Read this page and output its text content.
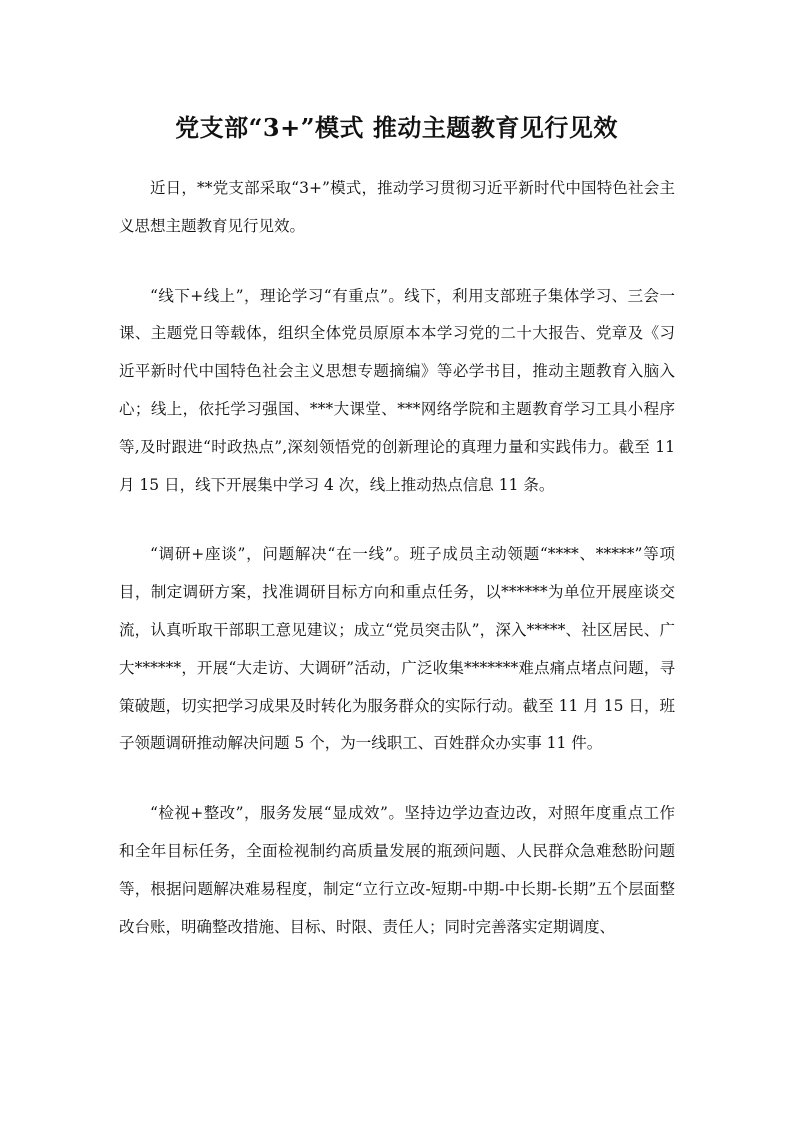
党支部“3+”模式 推动主题教育见行见效

近日，**党支部采取“3+”模式，推动学习贯彻习近平新时代中国特色社会主义思想主题教育见行见效。

“线下+线上”，理论学习“有重点”。线下，利用支部班子集体学习、三会一课、主题党日等载体，组织全体党员原原本本学习党的二十大报告、党章及《习近平新时代中国特色社会主义思想专题摘编》等必学书目，推动主题教育入脑入心；线上，依托学习强国、***大课堂、***网络学院和主题教育学习工具小程序等,及时跟进“时政热点”,深刻领悟党的创新理论的真理力量和实践伟力。截至 11 月 15 日，线下开展集中学习 4 次，线上推动热点信息 11 条。

“调研+座谈”，问题解决“在一线”。班子成员主动领题“****、*****”等项目，制定调研方案，找准调研目标方向和重点任务，以******为单位开展座谈交流，认真听取干部职工意见建议；成立“党员突击队”，深入*****、社区居民、广大******，开展“大走访、大调研”活动，广泛收集*******难点痛点堵点问题，寻策破题，切实把学习成果及时转化为服务群众的实际行动。截至 11 月 15 日，班子领题调研推动解决问题 5 个，为一线职工、百姓群众办实事 11 件。

“检视+整改”，服务发展“显成效”。坚持边学边查边改，对照年度重点工作和全年目标任务，全面检视制约高质量发展的瓶颈问题、人民群众急难愁盼问题等，根据问题解决难易程度，制定“立行立改-短期-中期-中长期-长期”五个层面整改台账，明确整改措施、目标、时限、责任人；同时完善落实定期调度、
